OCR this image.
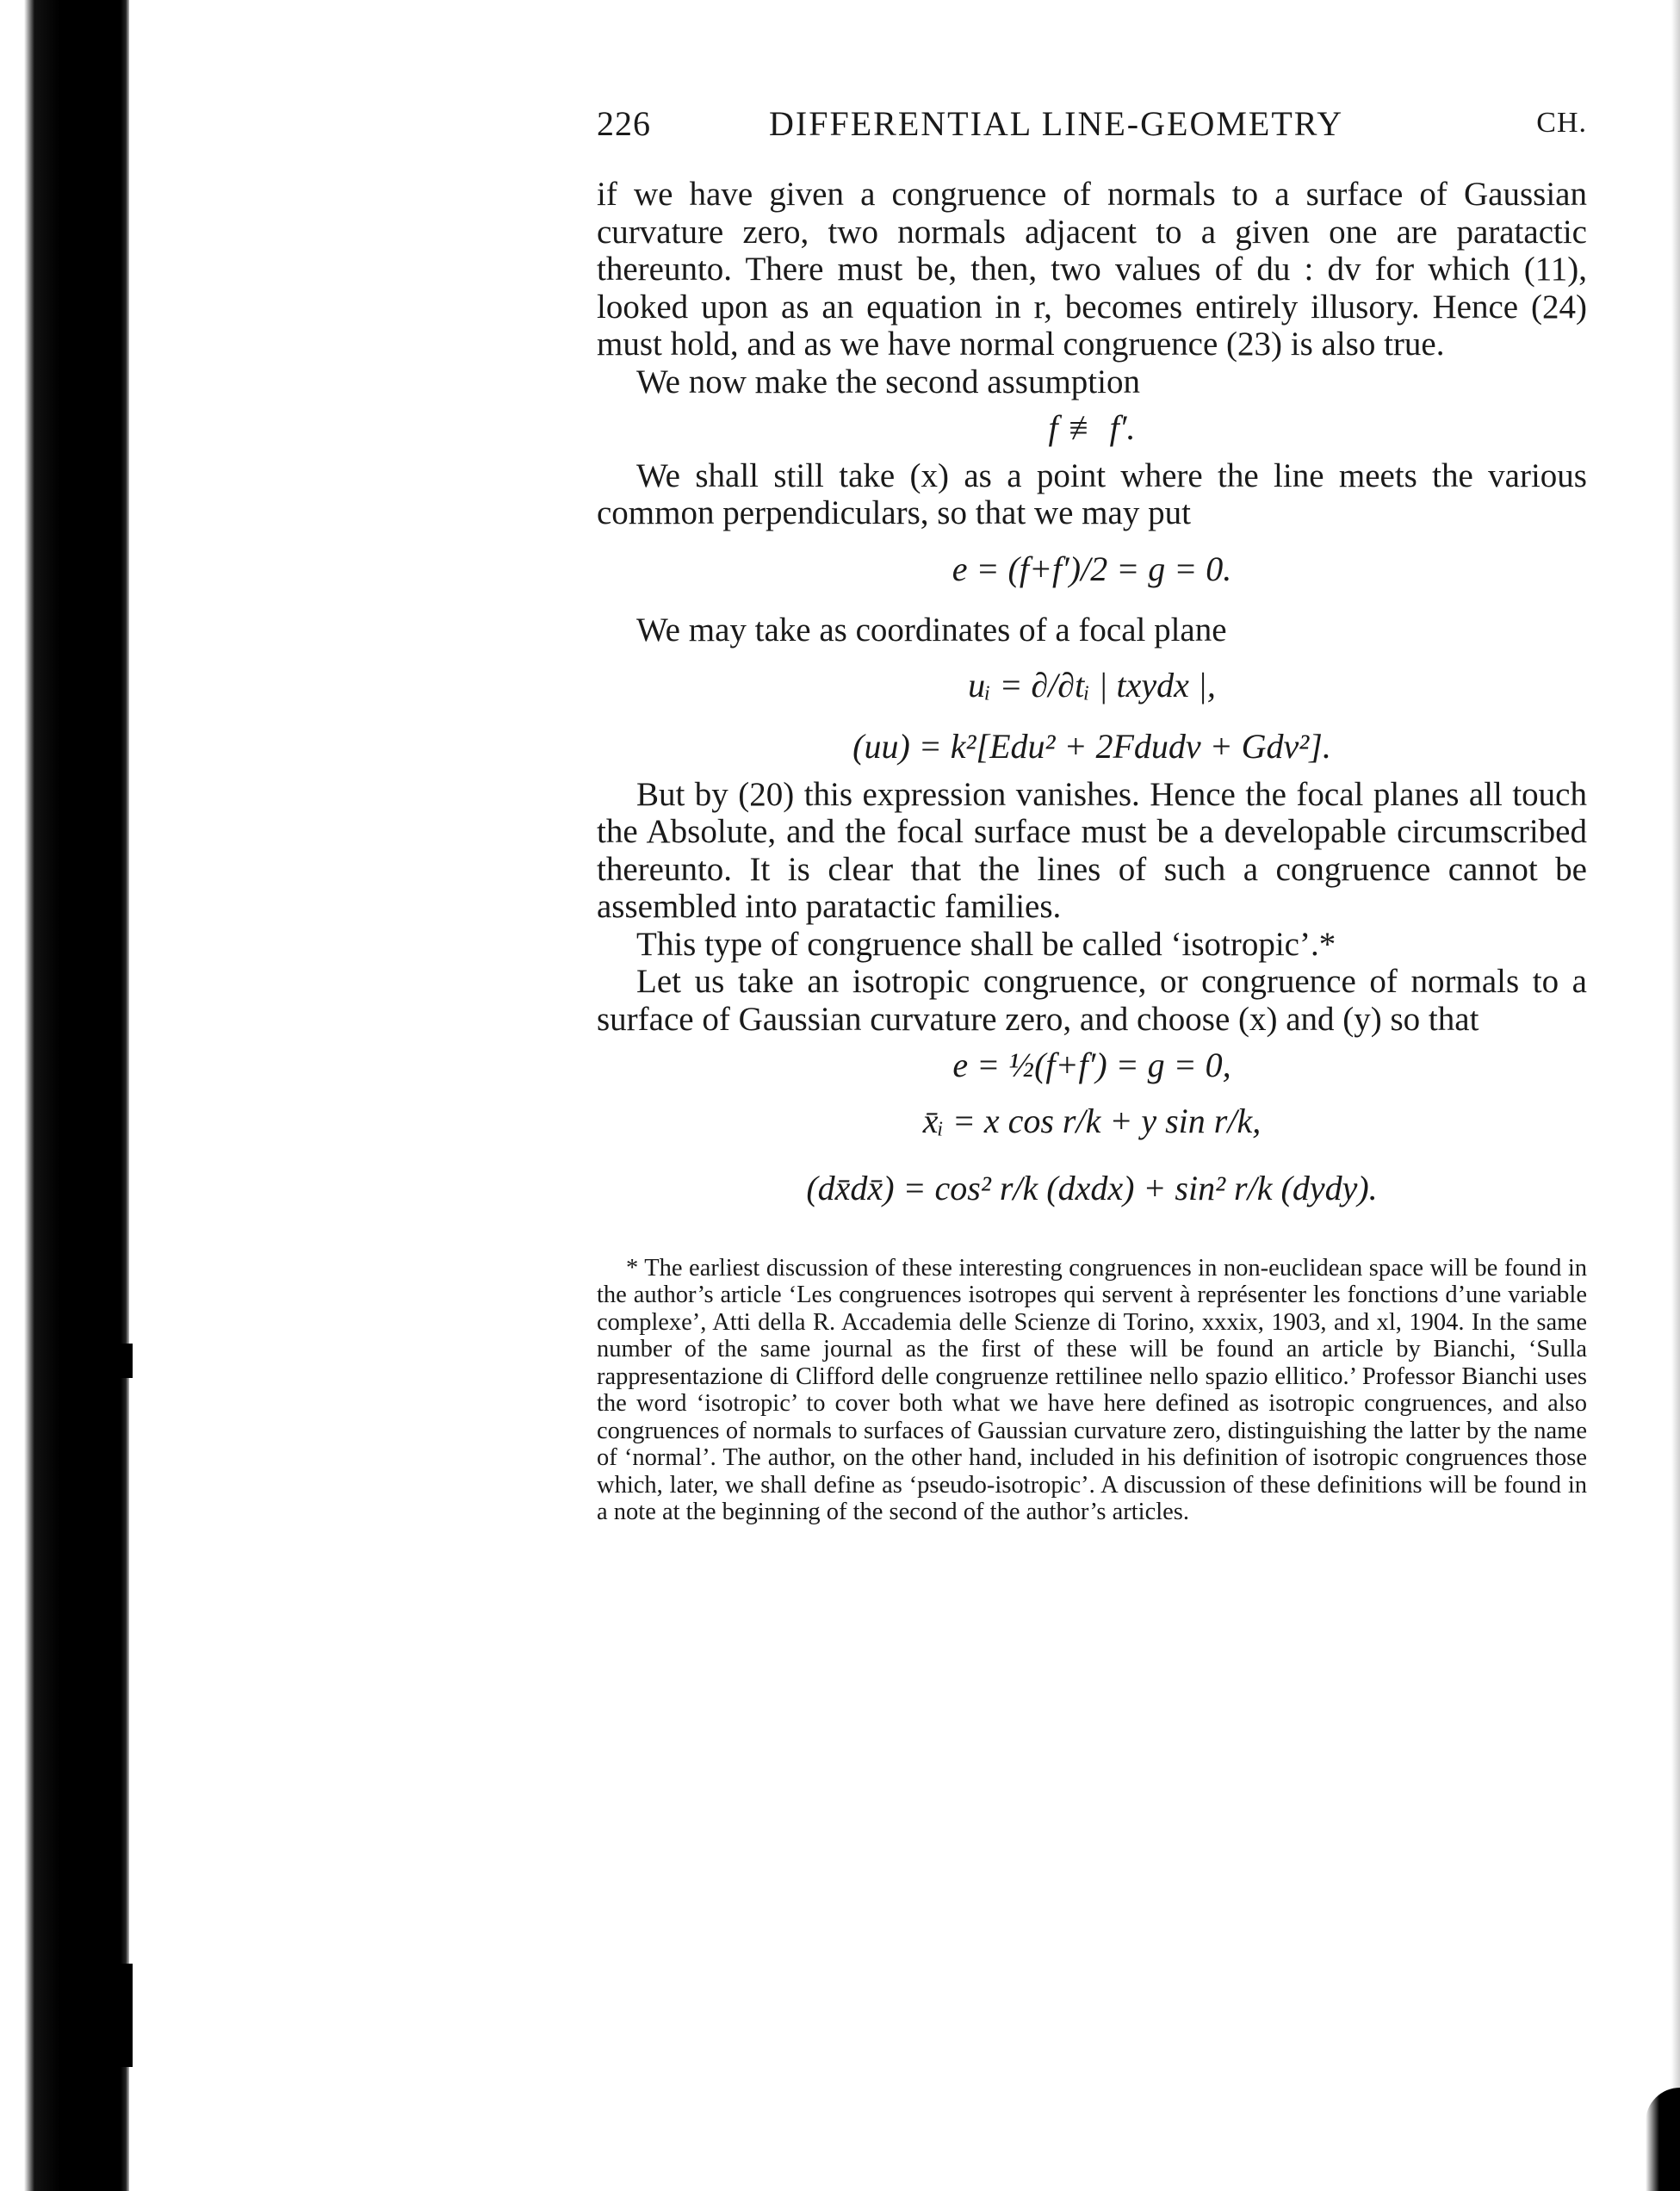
226	DIFFERENTIAL LINE-GEOMETRY	CH.

if we have given a congruence of normals to a surface of Gaussian curvature zero, two normals adjacent to a given one are paratactic thereunto. There must be, then, two values of du : dv for which (11), looked upon as an equation in r, becomes entirely illusory. Hence (24) must hold, and as we have normal congruence (23) is also true.

We now make the second assumption

f ≢ f′.

We shall still take (x) as a point where the line meets the various common perpendiculars, so that we may put

e = (f+f′)/2 = g = 0.

We may take as coordinates of a focal plane

uᵢ = ∂/∂tᵢ | txydx |,
(uu) = k²[Edu² + 2Fdudv + Gdv²].

But by (20) this expression vanishes. Hence the focal planes all touch the Absolute, and the focal surface must be a developable circumscribed thereunto. It is clear that the lines of such a congruence cannot be assembled into paratactic families.

This type of congruence shall be called ‘isotropic’.*

Let us take an isotropic congruence, or congruence of normals to a surface of Gaussian curvature zero, and choose (x) and (y) so that

e = ½(f+f′) = g = 0,
x̄ᵢ = x cos r/k + y sin r/k,
(dx̄dx̄) = cos² r/k (dxdx) + sin² r/k (dydy).

* The earliest discussion of these interesting congruences in non-euclidean space will be found in the author’s article ‘Les congruences isotropes qui servent à représenter les fonctions d’une variable complexe’, Atti della R. Accademia delle Scienze di Torino, xxxix, 1903, and xl, 1904. In the same number of the same journal as the first of these will be found an article by Bianchi, ‘Sulla rappresentazione di Clifford delle congruenze rettilinee nello spazio ellitico.’ Professor Bianchi uses the word ‘isotropic’ to cover both what we have here defined as isotropic congruences, and also congruences of normals to surfaces of Gaussian curvature zero, distinguishing the latter by the name of ‘normal’. The author, on the other hand, included in his definition of isotropic congruences those which, later, we shall define as ‘pseudo-isotropic’. A discussion of these definitions will be found in a note at the beginning of the second of the author’s articles.
